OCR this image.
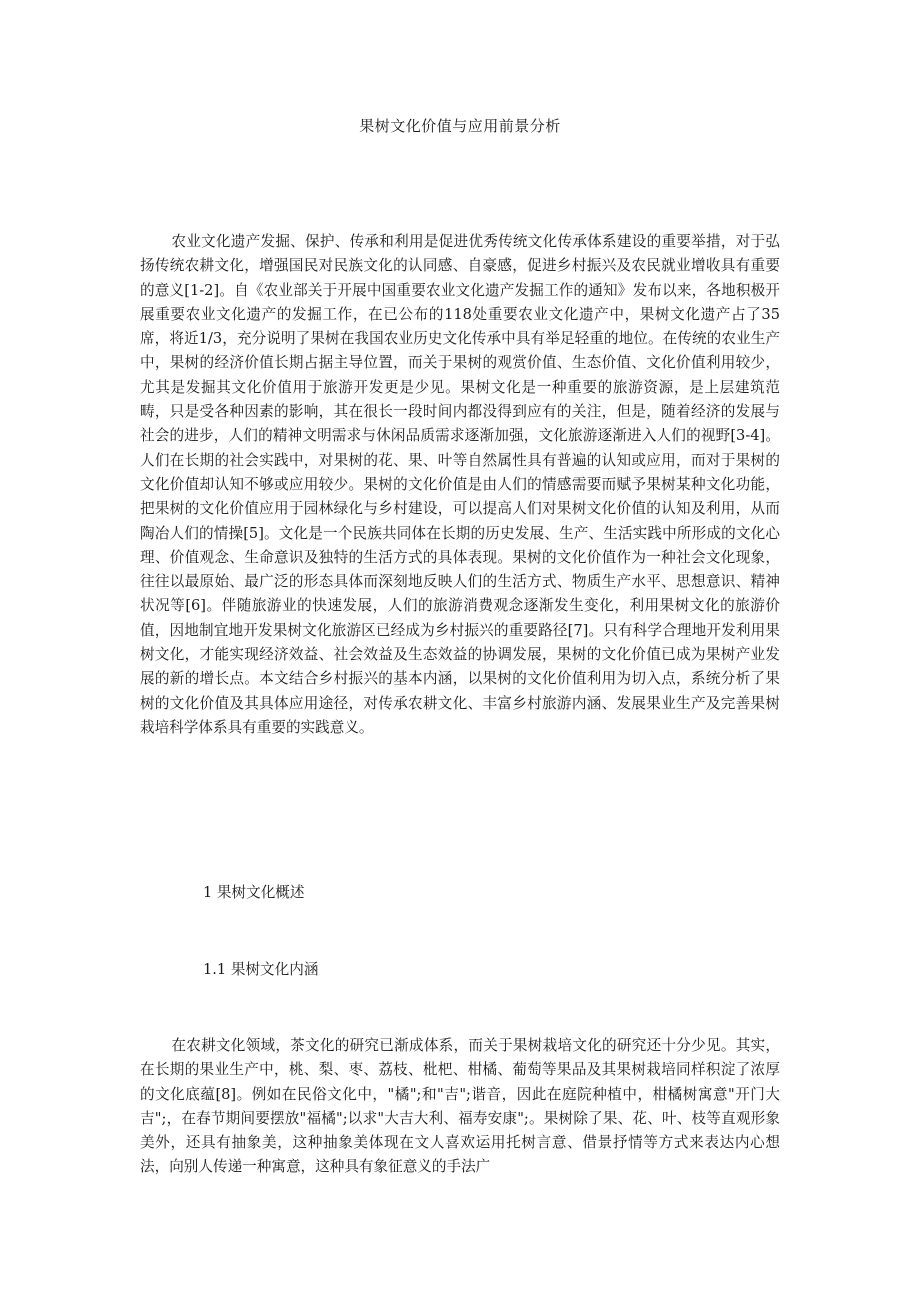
果树文化价值与应用前景分析

农业文化遗产发掘、保护、传承和利用是促进优秀传统文化传承体系建设的重要举措，对于弘扬传统农耕文化，增强国民对民族文化的认同感、自豪感，促进乡村振兴及农民就业增收具有重要的意义[1-2]。自《农业部关于开展中国重要农业文化遗产发掘工作的通知》发布以来，各地积极开展重要农业文化遗产的发掘工作，在已公布的118处重要农业文化遗产中，果树文化遗产占了35席，将近1/3，充分说明了果树在我国农业历史文化传承中具有举足轻重的地位。在传统的农业生产中，果树的经济价值长期占据主导位置，而关于果树的观赏价值、生态价值、文化价值利用较少，尤其是发掘其文化价值用于旅游开发更是少见。果树文化是一种重要的旅游资源，是上层建筑范畴，只是受各种因素的影响，其在很长一段时间内都没得到应有的关注，但是，随着经济的发展与社会的进步，人们的精神文明需求与休闲品质需求逐渐加强，文化旅游逐渐进入人们的视野[3-4]。人们在长期的社会实践中，对果树的花、果、叶等自然属性具有普遍的认知或应用，而对于果树的文化价值却认知不够或应用较少。果树的文化价值是由人们的情感需要而赋予果树某种文化功能，把果树的文化价值应用于园林绿化与乡村建设，可以提高人们对果树文化价值的认知及利用，从而陶冶人们的情操[5]。文化是一个民族共同体在长期的历史发展、生产、生活实践中所形成的文化心理、价值观念、生命意识及独特的生活方式的具体表现。果树的文化价值作为一种社会文化现象，往往以最原始、最广泛的形态具体而深刻地反映人们的生活方式、物质生产水平、思想意识、精神状况等[6]。伴随旅游业的快速发展，人们的旅游消费观念逐渐发生变化，利用果树文化的旅游价值，因地制宜地开发果树文化旅游区已经成为乡村振兴的重要路径[7]。只有科学合理地开发利用果树文化，才能实现经济效益、社会效益及生态效益的协调发展，果树的文化价值已成为果树产业发展的新的增长点。本文结合乡村振兴的基本内涵，以果树的文化价值利用为切入点，系统分析了果树的文化价值及其具体应用途径，对传承农耕文化、丰富乡村旅游内涵、发展果业生产及完善果树栽培科学体系具有重要的实践意义。

1 果树文化概述
1.1 果树文化内涵

在农耕文化领域，茶文化的研究已渐成体系，而关于果树栽培文化的研究还十分少见。其实，在长期的果业生产中，桃、梨、枣、荔枝、枇杷、柑橘、葡萄等果品及其果树栽培同样积淀了浓厚的文化底蕴[8]。例如在民俗文化中，"橘";和"吉";谐音，因此在庭院种植中，柑橘树寓意"开门大吉";，在春节期间要摆放"福橘";以求"大吉大利、福寿安康";。果树除了果、花、叶、枝等直观形象美外，还具有抽象美，这种抽象美体现在文人喜欢运用托树言意、借景抒情等方式来表达内心想法，向别人传递一种寓意，这种具有象征意义的手法广
